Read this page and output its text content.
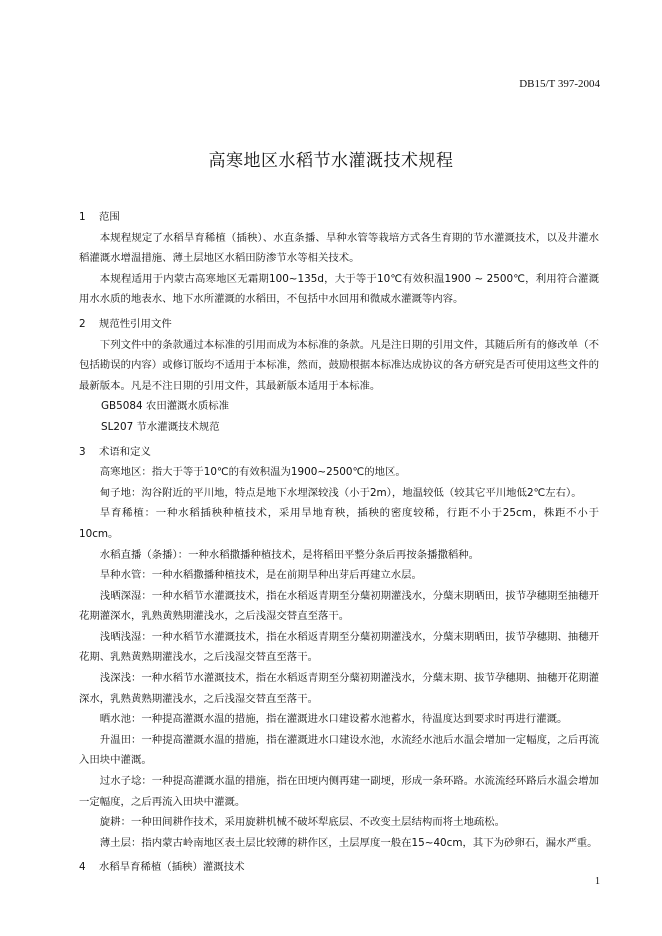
DB15/T 397-2004
高寒地区水稻节水灌溉技术规程
1	范围
本规程规定了水稻旱育稀植（插秧）、水直条播、旱种水管等栽培方式各生育期的节水灌溉技术，以及井灌水稻灌溉水增温措施、薄土层地区水稻田防渗节水等相关技术。
本规程适用于内蒙古高寒地区无霜期100~135d，大于等于10℃有效积温1900 ~ 2500℃，利用符合灌溉用水水质的地表水、地下水所灌溉的水稻田，不包括中水回用和微咸水灌溉等内容。
2	规范性引用文件
下列文件中的条款通过本标准的引用而成为本标准的条款。凡是注日期的引用文件，其随后所有的修改单（不包括勘误的内容）或修订版均不适用于本标准，然而，鼓励根据本标准达成协议的各方研究是否可使用这些文件的最新版本。凡是不注日期的引用文件，其最新版本适用于本标准。
GB5084 农田灌溉水质标准
SL207 节水灌溉技术规范
3	术语和定义
高寒地区：指大于等于10℃的有效积温为1900~2500℃的地区。
甸子地：沟谷附近的平川地，特点是地下水埋深较浅（小于2m），地温较低（较其它平川地低2℃左右）。
旱育稀植：一种水稻插秧种植技术，采用旱地育秧，插秧的密度较稀，行距不小于25cm，株距不小于10cm。
水稻直播（条播）：一种水稻撒播种植技术，是将稻田平整分条后再按条播撒稻种。
旱种水管：一种水稻撒播种植技术，是在前期旱种出芽后再建立水层。
浅晒深湿：一种水稻节水灌溉技术，指在水稻返青期至分蘖初期灌浅水，分蘖末期晒田，拔节孕穗期至抽穗开花期灌深水，乳熟黄熟期灌浅水，之后浅湿交替直至落干。
浅晒浅湿：一种水稻节水灌溉技术，指在水稻返青期至分蘖初期灌浅水，分蘖末期晒田，拔节孕穗期、抽穗开花期、乳熟黄熟期灌浅水，之后浅湿交替直至落干。
浅深浅：一种水稻节水灌溉技术，指在水稻返青期至分蘖初期灌浅水，分蘖末期、拔节孕穗期、抽穗开花期灌深水，乳熟黄熟期灌浅水，之后浅湿交替直至落干。
晒水池：一种提高灌溉水温的措施，指在灌溉进水口建设蓄水池蓄水，待温度达到要求时再进行灌溉。
升温田：一种提高灌溉水温的措施，指在灌溉进水口建设水池，水流经水池后水温会增加一定幅度，之后再流入田块中灌溉。
过水子埝：一种提高灌溉水温的措施，指在田埂内侧再建一副埂，形成一条环路。水流流经环路后水温会增加一定幅度，之后再流入田块中灌溉。
旋耕：一种田间耕作技术，采用旋耕机械不破坏犁底层、不改变土层结构而将土地疏松。
薄土层：指内蒙古岭南地区表土层比较薄的耕作区，土层厚度一般在15~40cm，其下为砂卵石，漏水严重。
4	水稻旱育稀植（插秧）灌溉技术
1
